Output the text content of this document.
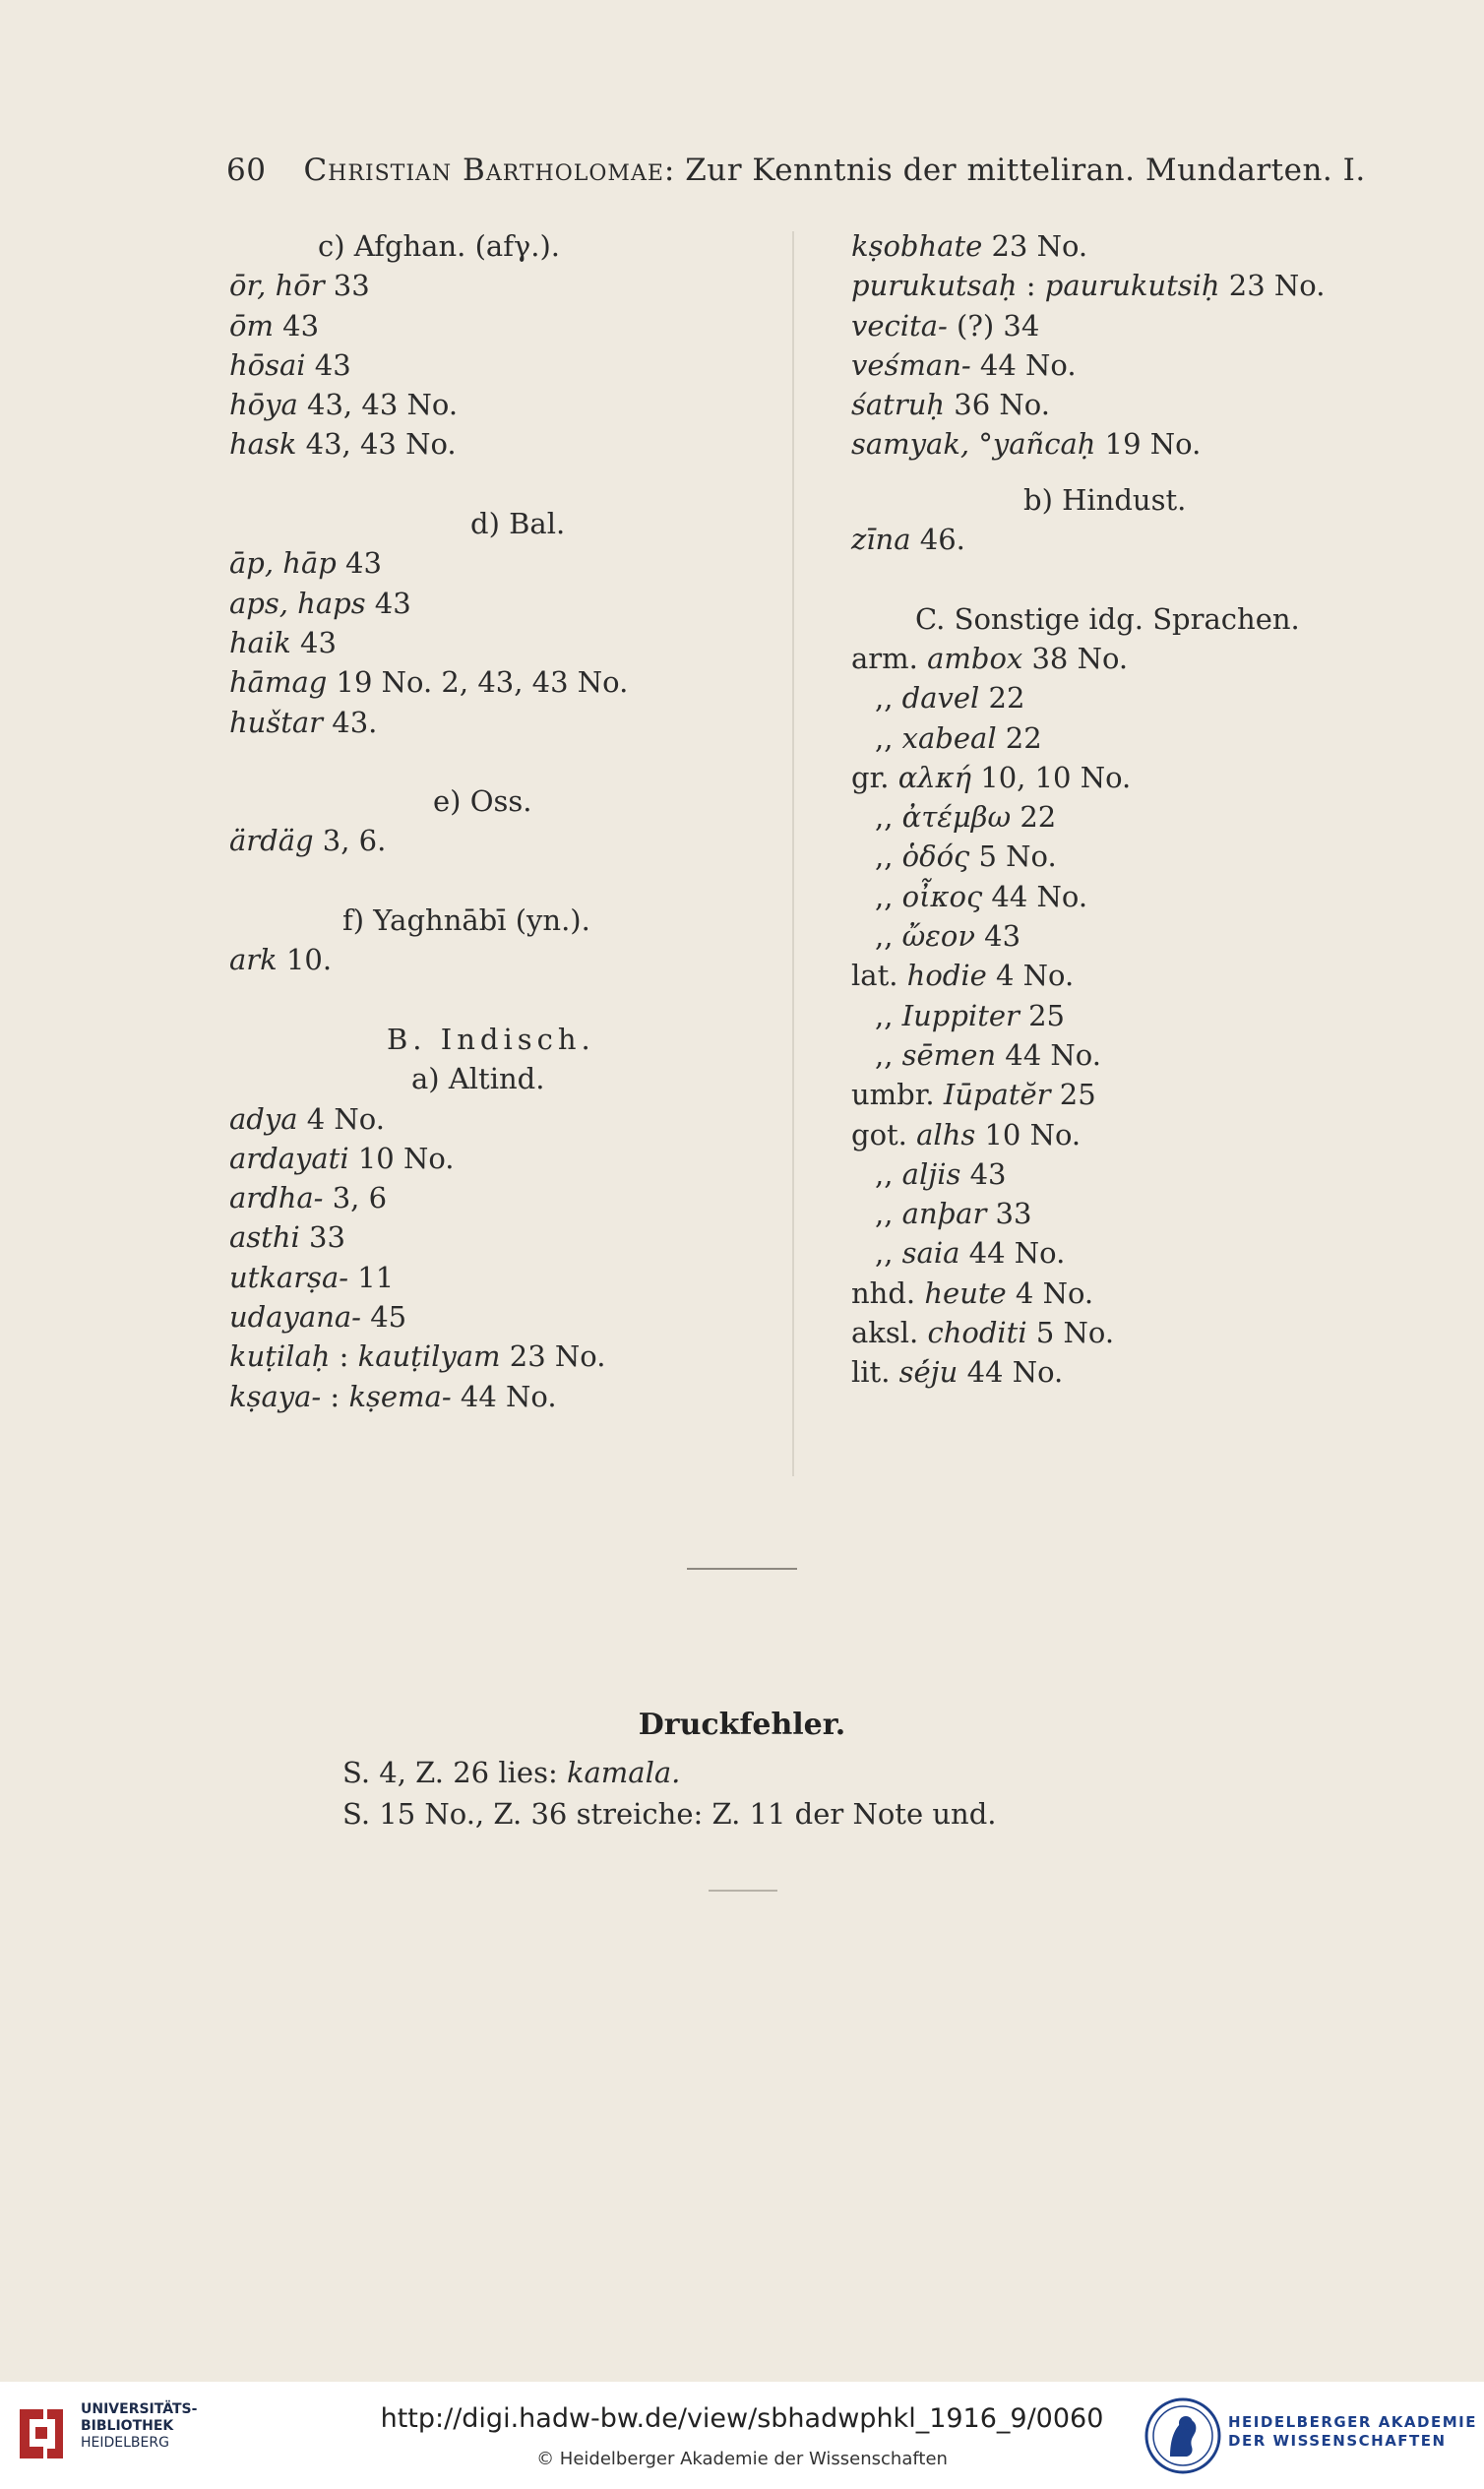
60 Christian Bartholomae: Zur Kenntnis der mitteliran. Mundarten. I.
c) Afghan. (afγ.).
ōr, hōr 33
ōm 43
hōsai 43
hōya 43, 43 No.
hask 43, 43 No.
d) Bal.
āp, hāp 43
aps, haps 43
haik 43
hāmag 19 No. 2, 43, 43 No.
huštar 43.
e) Oss.
ärdäg 3, 6.
f) Yaghnābī (yn.).
ark 10.
B. Indisch.
a) Altind.
adya 4 No.
ardayati 10 No.
ardha- 3, 6
asthi 33
utkarṣa- 11
udayana- 45
kuṭilaḥ : kauṭilyam 23 No.
kṣaya- : kṣema- 44 No.
kṣobhate 23 No.
purukutsaḥ : paurukutsiḥ 23 No.
vecita- (?) 34
veśman- 44 No.
śatruḥ 36 No.
samyak, °yañcaḥ 19 No.
b) Hindust.
zīna 46.
C. Sonstige idg. Sprachen.
arm. ambox 38 No.
,, davel 22
,, xabeal 22
gr. αλκή 10, 10 No.
,, ἀτέμβω 22
,, ὁδός 5 No.
,, οἶκος 44 No.
,, ὤεον 43
lat. hodie 4 No.
,, Iuppiter 25
,, sēmen 44 No.
umbr. Iūpatĕr 25
got. alhs 10 No.
,, aljis 43
,, anþar 33
,, saia 44 No.
nhd. heute 4 No.
aksl. choditi 5 No.
lit. sė́ju 44 No.
Druckfehler.
S. 4, Z. 26 lies: kamala.
S. 15 No., Z. 36 streiche: Z. 11 der Note und.
UNIVERSITÄTS-
BIBLIOTHEK
HEIDELBERG
http://digi.hadw-bw.de/view/sbhadwphkl_1916_9/0060
© Heidelberger Akademie der Wissenschaften
HEIDELBERGER AKADEMIE
DER WISSENSCHAFTEN
